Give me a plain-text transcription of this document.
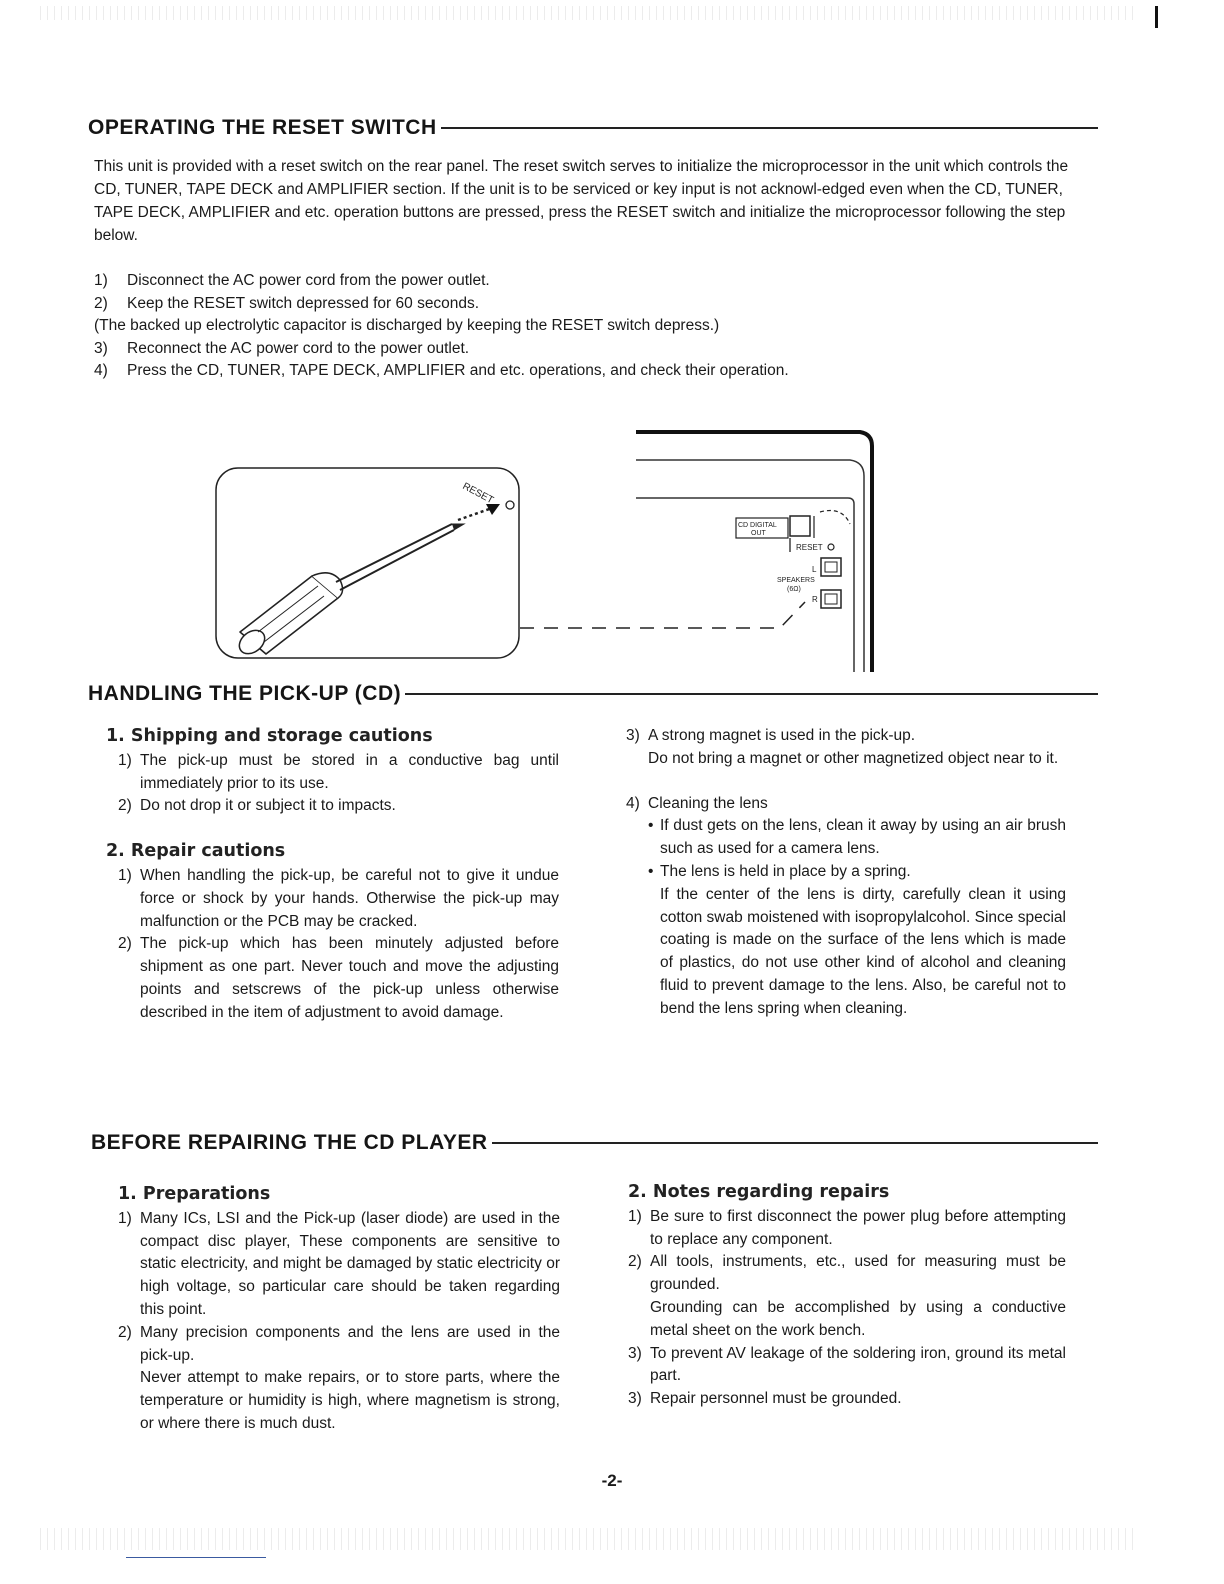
OPERATING THE RESET SWITCH

This unit is provided with a reset switch on the rear panel. The reset switch serves to initialize the microprocessor in the unit which controls the CD, TUNER, TAPE DECK and AMPLIFIER section. If the unit is to be serviced or key input is not acknowl-edged even when the CD, TUNER, TAPE DECK, AMPLIFIER and etc. operation buttons are pressed, press the RESET switch and initialize the microprocessor following the step below.

1)	Disconnect the AC power cord from the power outlet.
2)	Keep the RESET switch depressed for 60 seconds.
(The backed up electrolytic capacitor is discharged by keeping the RESET switch depress.)
3)	Reconnect the AC power cord to the power outlet.
4)	Press the CD, TUNER, TAPE DECK, AMPLIFIER and etc. operations, and check their operation.
RESET
CD DIGITAL
OUT
RESET
L
SPEAKERS
(6Ω)
R
HANDLING THE PICK-UP (CD)
1. Shipping and storage cautions
1) The pick-up must be stored in a conductive bag until immediately prior to its use.
2) Do not drop it or subject it to impacts.
2. Repair cautions
1) When handling the pick-up, be careful not to give it undue force or shock by your hands. Otherwise the pick-up may malfunction or the PCB may be cracked.
2) The pick-up which has been minutely adjusted before shipment as one part. Never touch and move the adjusting points and setscrews of the pick-up unless otherwise described in the item of adjustment to avoid damage.
3) A strong magnet is used in the pick-up.
Do not bring a magnet or other magnetized object near to it.
4) Cleaning the lens
• If dust gets on the lens, clean it away by using an air brush such as used for a camera lens.
• The lens is held in place by a spring.
If the center of the lens is dirty, carefully clean it using cotton swab moistened with isopropylalcohol. Since special coating is made on the surface of the lens which is made of plastics, do not use other kind of alcohol and cleaning fluid to prevent damage to the lens. Also, be careful not to bend the lens spring when cleaning.
BEFORE REPAIRING THE CD PLAYER
1. Preparations
1) Many ICs, LSI and the Pick-up (laser diode) are used in the compact disc player, These components are sensitive to static electricity, and might be damaged by static electricity or high voltage, so particular care should be taken regarding this point.
2) Many precision components and the lens are used in the pick-up.
Never attempt to make repairs, or to store parts, where the temperature or humidity is high, where magnetism is strong, or where there is much dust.
2. Notes regarding repairs
1) Be sure to first disconnect the power plug before attempting to replace any component.
2) All tools, instruments, etc., used for measuring must be grounded.
Grounding can be accomplished by using a conductive metal sheet on the work bench.
3) To prevent AV leakage of the soldering iron, ground its metal part.
3) Repair personnel must be grounded.
-2-
